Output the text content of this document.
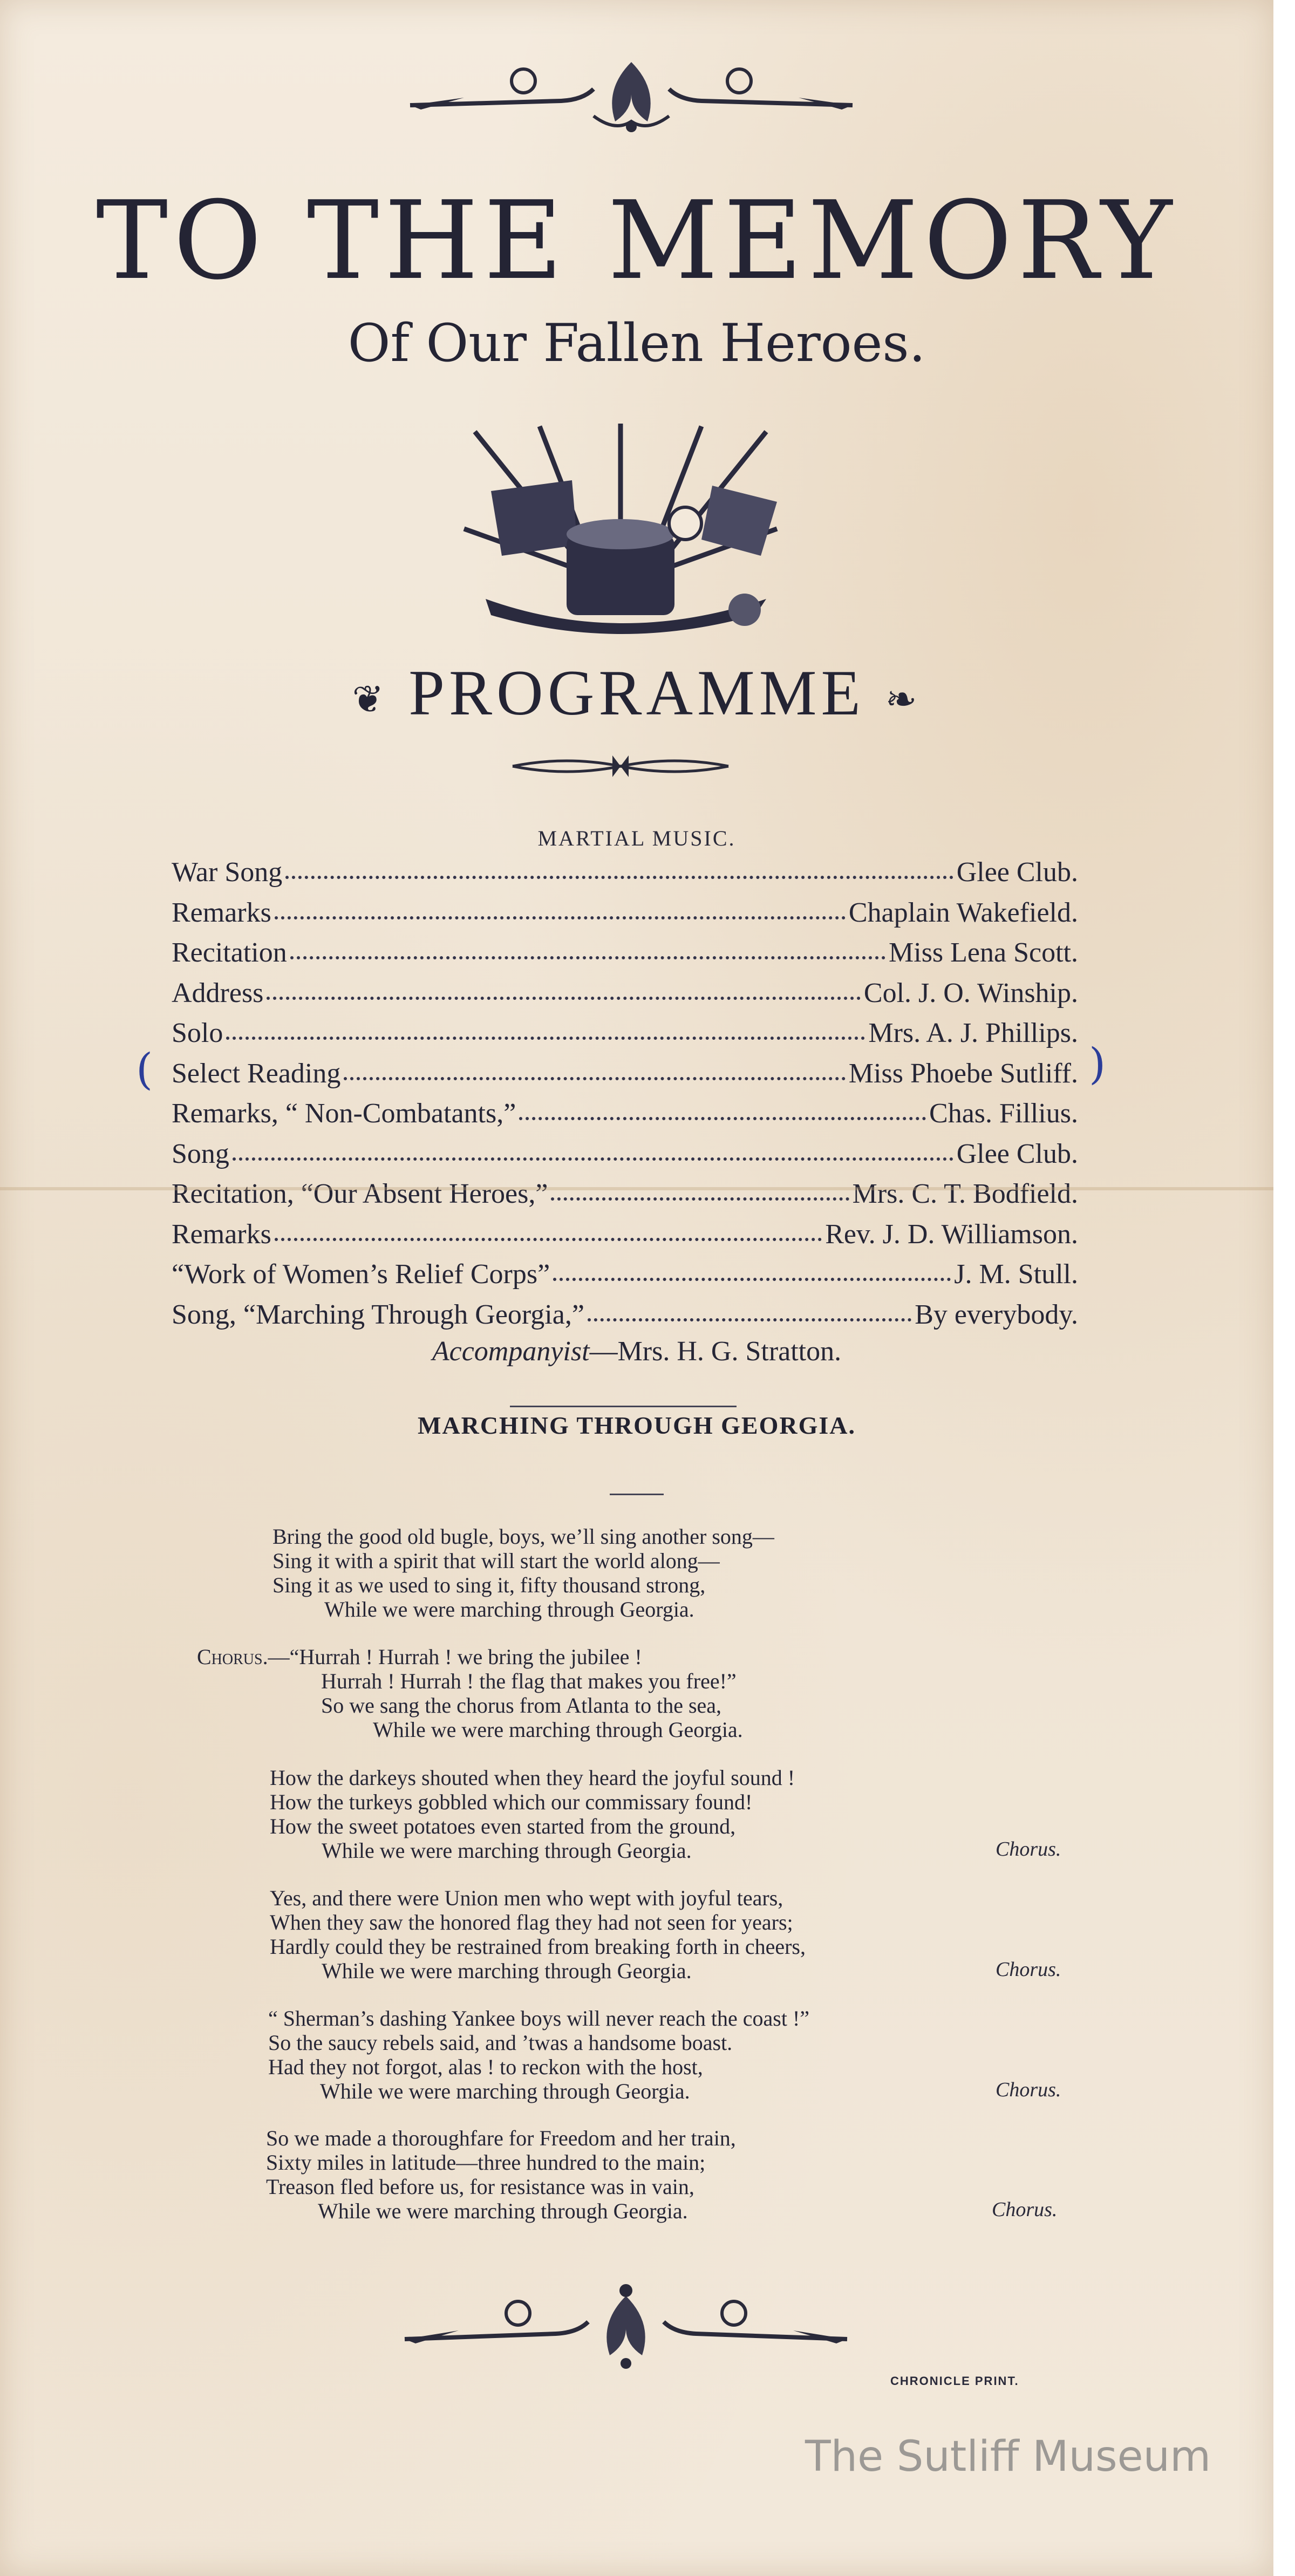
TO THE MEMORY
Of Our Fallen Heroes.
❦ PROGRAMME ❧
MARTIAL MUSIC.
War Song	Glee Club.
Remarks	Chaplain Wakefield.
Recitation	Miss Lena Scott.
Address	Col. J. O. Winship.
Solo	Mrs. A. J. Phillips.
Select Reading	Miss Phoebe Sutliff.
Remarks, “ Non-Combatants,”	Chas. Fillius.
Song	Glee Club.
Recitation, “Our Absent Heroes,”	Mrs. C. T. Bodfield.
Remarks	Rev. J. D. Williamson.
“Work of Women’s Relief Corps”	J. M. Stull.
Song, “Marching Through Georgia,”	By everybody.
(	)
Accompanyist—Mrs. H. G. Stratton.
MARCHING THROUGH GEORGIA.
Bring the good old bugle, boys, we’ll sing another song—
Sing it with a spirit that will start the world along—
Sing it as we used to sing it, fifty thousand strong,
While we were marching through Georgia.
Chorus.—“Hurrah ! Hurrah ! we bring the jubilee !
Hurrah ! Hurrah ! the flag that makes you free!”
So we sang the chorus from Atlanta to the sea,
While we were marching through Georgia.
How the darkeys shouted when they heard the joyful sound !
How the turkeys gobbled which our commissary found!
How the sweet potatoes even started from the ground,
While we were marching through Georgia.	Chorus.
Yes, and there were Union men who wept with joyful tears,
When they saw the honored flag they had not seen for years;
Hardly could they be restrained from breaking forth in cheers,
While we were marching through Georgia.	Chorus.
“ Sherman’s dashing Yankee boys will never reach the coast !”
So the saucy rebels said, and ’twas a handsome boast.
Had they not forgot, alas ! to reckon with the host,
While we were marching through Georgia.	Chorus.
So we made a thoroughfare for Freedom and her train,
Sixty miles in latitude—three hundred to the main;
Treason fled before us, for resistance was in vain,
While we were marching through Georgia.	Chorus.
CHRONICLE PRINT.
The Sutliff Museum
